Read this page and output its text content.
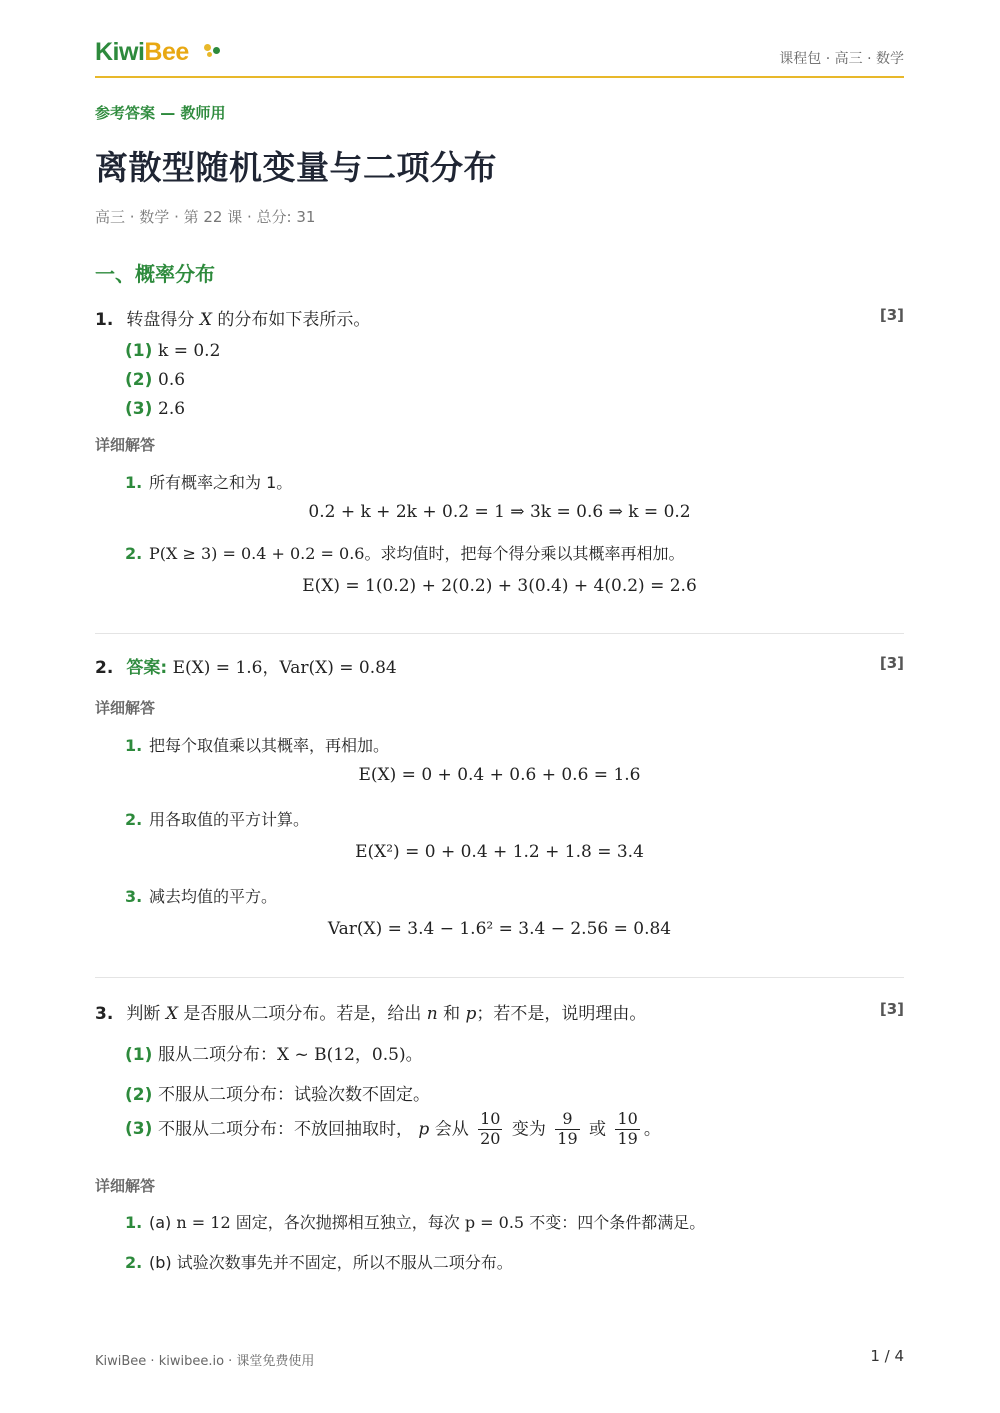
KiwiBee	课程包 · 高三 · 数学
参考答案 — 教师用
离散型随机变量与二项分布
高三 · 数学 · 第 22 课 · 总分: 31
一、概率分布
1. 转盘得分 X 的分布如下表所示。	[3]
(1) k = 0.2
(2) 0.6
(3) 2.6
详细解答
1. 所有概率之和为 1。
0.2 + k + 2k + 0.2 = 1 ⇒ 3k = 0.6 ⇒ k = 0.2
2. P(X ≥ 3) = 0.4 + 0.2 = 0.6。求均值时，把每个得分乘以其概率再相加。
E(X) = 1(0.2) + 2(0.2) + 3(0.4) + 4(0.2) = 2.6
2. 答案: E(X) = 1.6，Var(X) = 0.84	[3]
详细解答
1. 把每个取值乘以其概率，再相加。
E(X) = 0 + 0.4 + 0.6 + 0.6 = 1.6
2. 用各取值的平方计算。
E(X²) = 0 + 0.4 + 1.2 + 1.8 = 3.4
3. 减去均值的平方。
Var(X) = 3.4 − 1.6² = 3.4 − 2.56 = 0.84
3. 判断 X 是否服从二项分布。若是，给出 n 和 p；若不是，说明理由。	[3]
(1) 服从二项分布：X ~ B(12，0.5)。
(2) 不服从二项分布：试验次数不固定。
(3) 不服从二项分布：不放回抽取时， p 会从 $\frac{10}{20}$ 变为 $\frac{9}{19}$ 或 $\frac{10}{19}$ 。
详细解答
1. (a) n = 12 固定，各次抛掷相互独立，每次 p = 0.5 不变：四个条件都满足。
2. (b) 试验次数事先并不固定，所以不服从二项分布。
KiwiBee · kiwibee.io · 课堂免费使用	1 / 4
